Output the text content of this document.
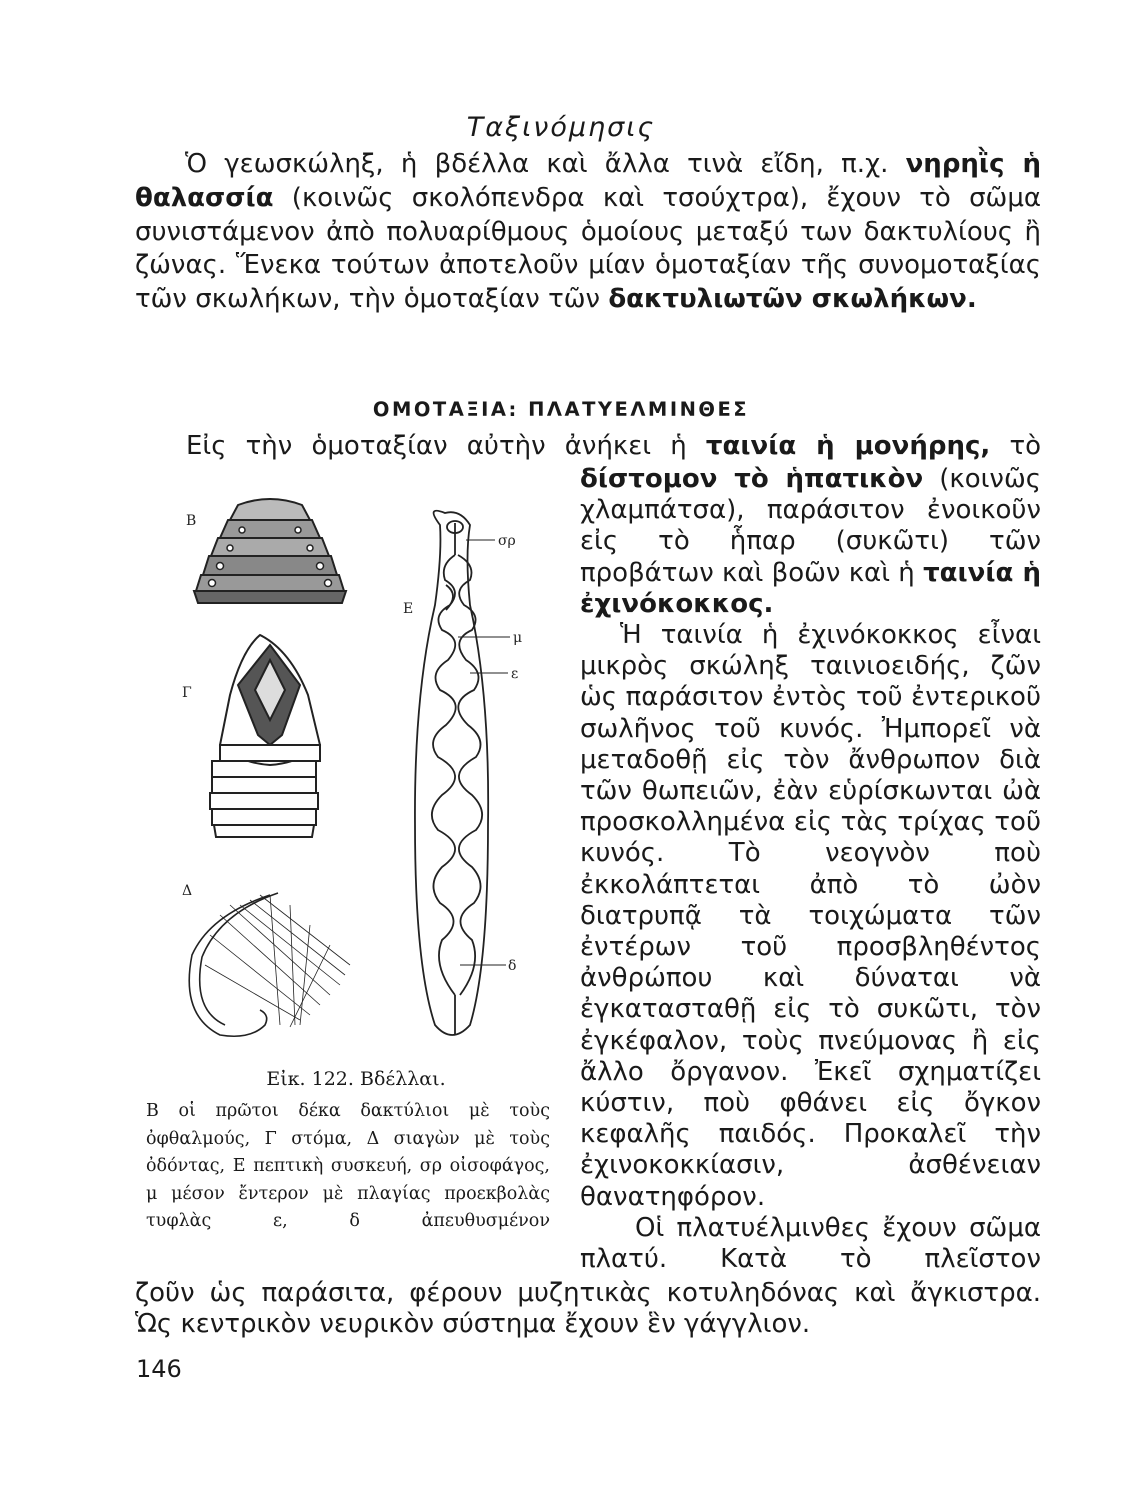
Ταξινόμησις
Ὁ γεωσκώληξ, ἡ βδέλλα καὶ ἄλλα τινὰ εἴδη, π.χ. νηρηῒς ἡ θαλασσία (κοινῶς σκολόπενδρα καὶ τσούχτρα), ἔχουν τὸ σῶμα συνιστάμενον ἀπὸ πολυαρίθμους ὁμοίους μεταξύ των δακτυλίους ἢ ζώνας. Ἕνεκα τούτων ἀποτελοῦν μίαν ὁμοταξίαν τῆς συνομοταξίας τῶν σκωλήκων, τὴν ὁμοταξίαν τῶν δακτυλιωτῶν σκωλήκων.
ΟΜΟΤΑΞΙΑ: ΠΛΑΤΥΕΛΜΙΝΘΕΣ
Εἰς τὴν ὁμοταξίαν αὐτὴν ἀνήκει ἡ ταινία ἡ μονήρης, τὸ

δίστομον τὸ ἡπατικὸν (κοινῶς χλαμπάτσα), παράσιτον ἐνοικοῦν εἰς τὸ ἧπαρ (συκῶτι) τῶν προβάτων καὶ βοῶν καὶ ἡ ταινία ἡ ἐχινόκοκκος.

Ἡ ταινία ἡ ἐχινόκοκκος εἶναι μικρὸς σκώληξ ταινιοειδής, ζῶν ὡς παράσιτον ἐντὸς τοῦ ἐντερικοῦ σωλῆνος τοῦ κυνός. Ἠμπορεῖ νὰ μεταδοθῇ εἰς τὸν ἄνθρωπον διὰ τῶν θωπειῶν, ἐὰν εὑρίσκωνται ὠὰ προσκολλημένα εἰς τὰς τρίχας τοῦ κυνός. Τὸ νεογνὸν ποὺ ἐκκολάπτεται ἀπὸ τὸ ὠὸν διατρυπᾷ τὰ τοιχώματα τῶν ἐντέρων τοῦ προσβληθέντος ἀνθρώπου καὶ δύναται νὰ ἐγκατασταθῇ εἰς τὸ συκῶτι, τὸν ἐγκέφαλον, τοὺς πνεύμονας ἢ εἰς ἄλλο ὄργανον. Ἐκεῖ σχηματίζει κύστιν, ποὺ φθάνει εἰς ὄγκον κεφαλῆς παιδός. Προκαλεῖ τὴν ἐχινοκοκκίασιν, ἀσθένειαν θανατηφόρον.

Οἱ πλατυέλμινθες ἔχουν σῶμα πλατύ. Κατὰ τὸ πλεῖστον

ζοῦν ὡς παράσιτα, φέρουν μυζητικὰς κοτυληδόνας καὶ ἄγκιστρα.
Ὡς κεντρικὸν νευρικὸν σύστημα ἔχουν ἓν γάγγλιον.
Β
Γ
Δ
Ε
σρ
μ
ε
δ
Εἰκ. 122. Βδέλλαι.
Β οἱ πρῶτοι δέκα δακτύλιοι μὲ τοὺς ὀφθαλμούς, Γ στόμα, Δ σιαγὼν μὲ τοὺς ὀδόντας, Ε πεπτικὴ συσκευή, σρ οἰσοφάγος, μ μέσον ἔντερον μὲ πλαγίας προεκβολὰς τυφλὰς ε, δ ἀπευθυσμένον
146
